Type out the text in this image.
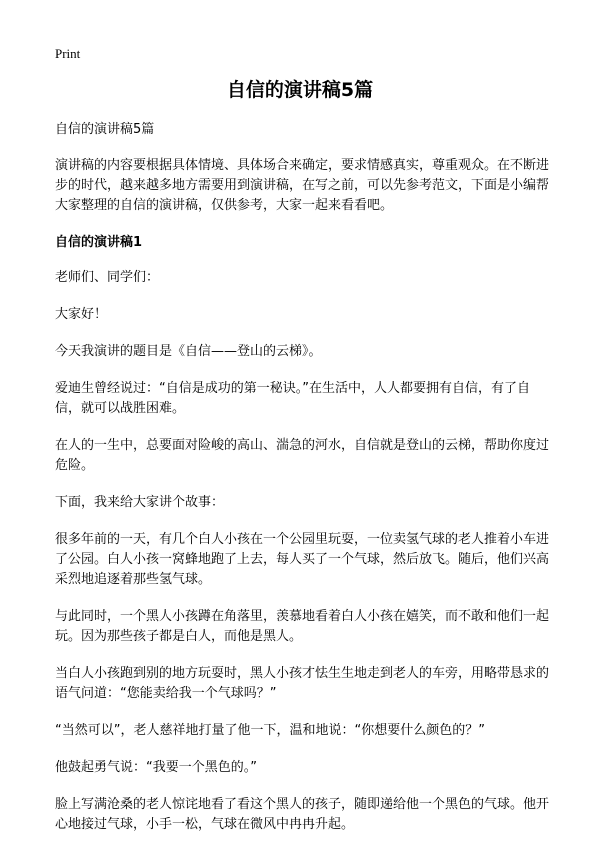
Print
自信的演讲稿5篇

自信的演讲稿5篇

演讲稿的内容要根据具体情境、具体场合来确定，要求情感真实，尊重观众。在不断进步的时代，越来越多地方需要用到演讲稿，在写之前，可以先参考范文，下面是小编帮大家整理的自信的演讲稿，仅供参考，大家一起来看看吧。

自信的演讲稿1

老师们、同学们：

大家好！

今天我演讲的题目是《自信——登山的云梯》。

爱迪生曾经说过：“自信是成功的第一秘诀。”在生活中，人人都要拥有自信，有了自信，就可以战胜困难。

在人的一生中，总要面对险峻的高山、湍急的河水，自信就是登山的云梯，帮助你度过危险。

下面，我来给大家讲个故事：

很多年前的一天，有几个白人小孩在一个公园里玩耍，一位卖氢气球的老人推着小车进了公园。白人小孩一窝蜂地跑了上去，每人买了一个气球，然后放飞。随后，他们兴高采烈地追逐着那些氢气球。

与此同时，一个黑人小孩蹲在角落里，羡慕地看着白人小孩在嬉笑，而不敢和他们一起玩。因为那些孩子都是白人，而他是黑人。

当白人小孩跑到别的地方玩耍时，黑人小孩才怯生生地走到老人的车旁，用略带恳求的语气问道：“您能卖给我一个气球吗？”

“当然可以”，老人慈祥地打量了他一下，温和地说：“你想要什么颜色的？”

他鼓起勇气说：“我要一个黑色的。”

脸上写满沧桑的老人惊诧地看了看这个黑人的孩子，随即递给他一个黑色的气球。他开心地接过气球，小手一松，气球在微风中冉冉升起。
